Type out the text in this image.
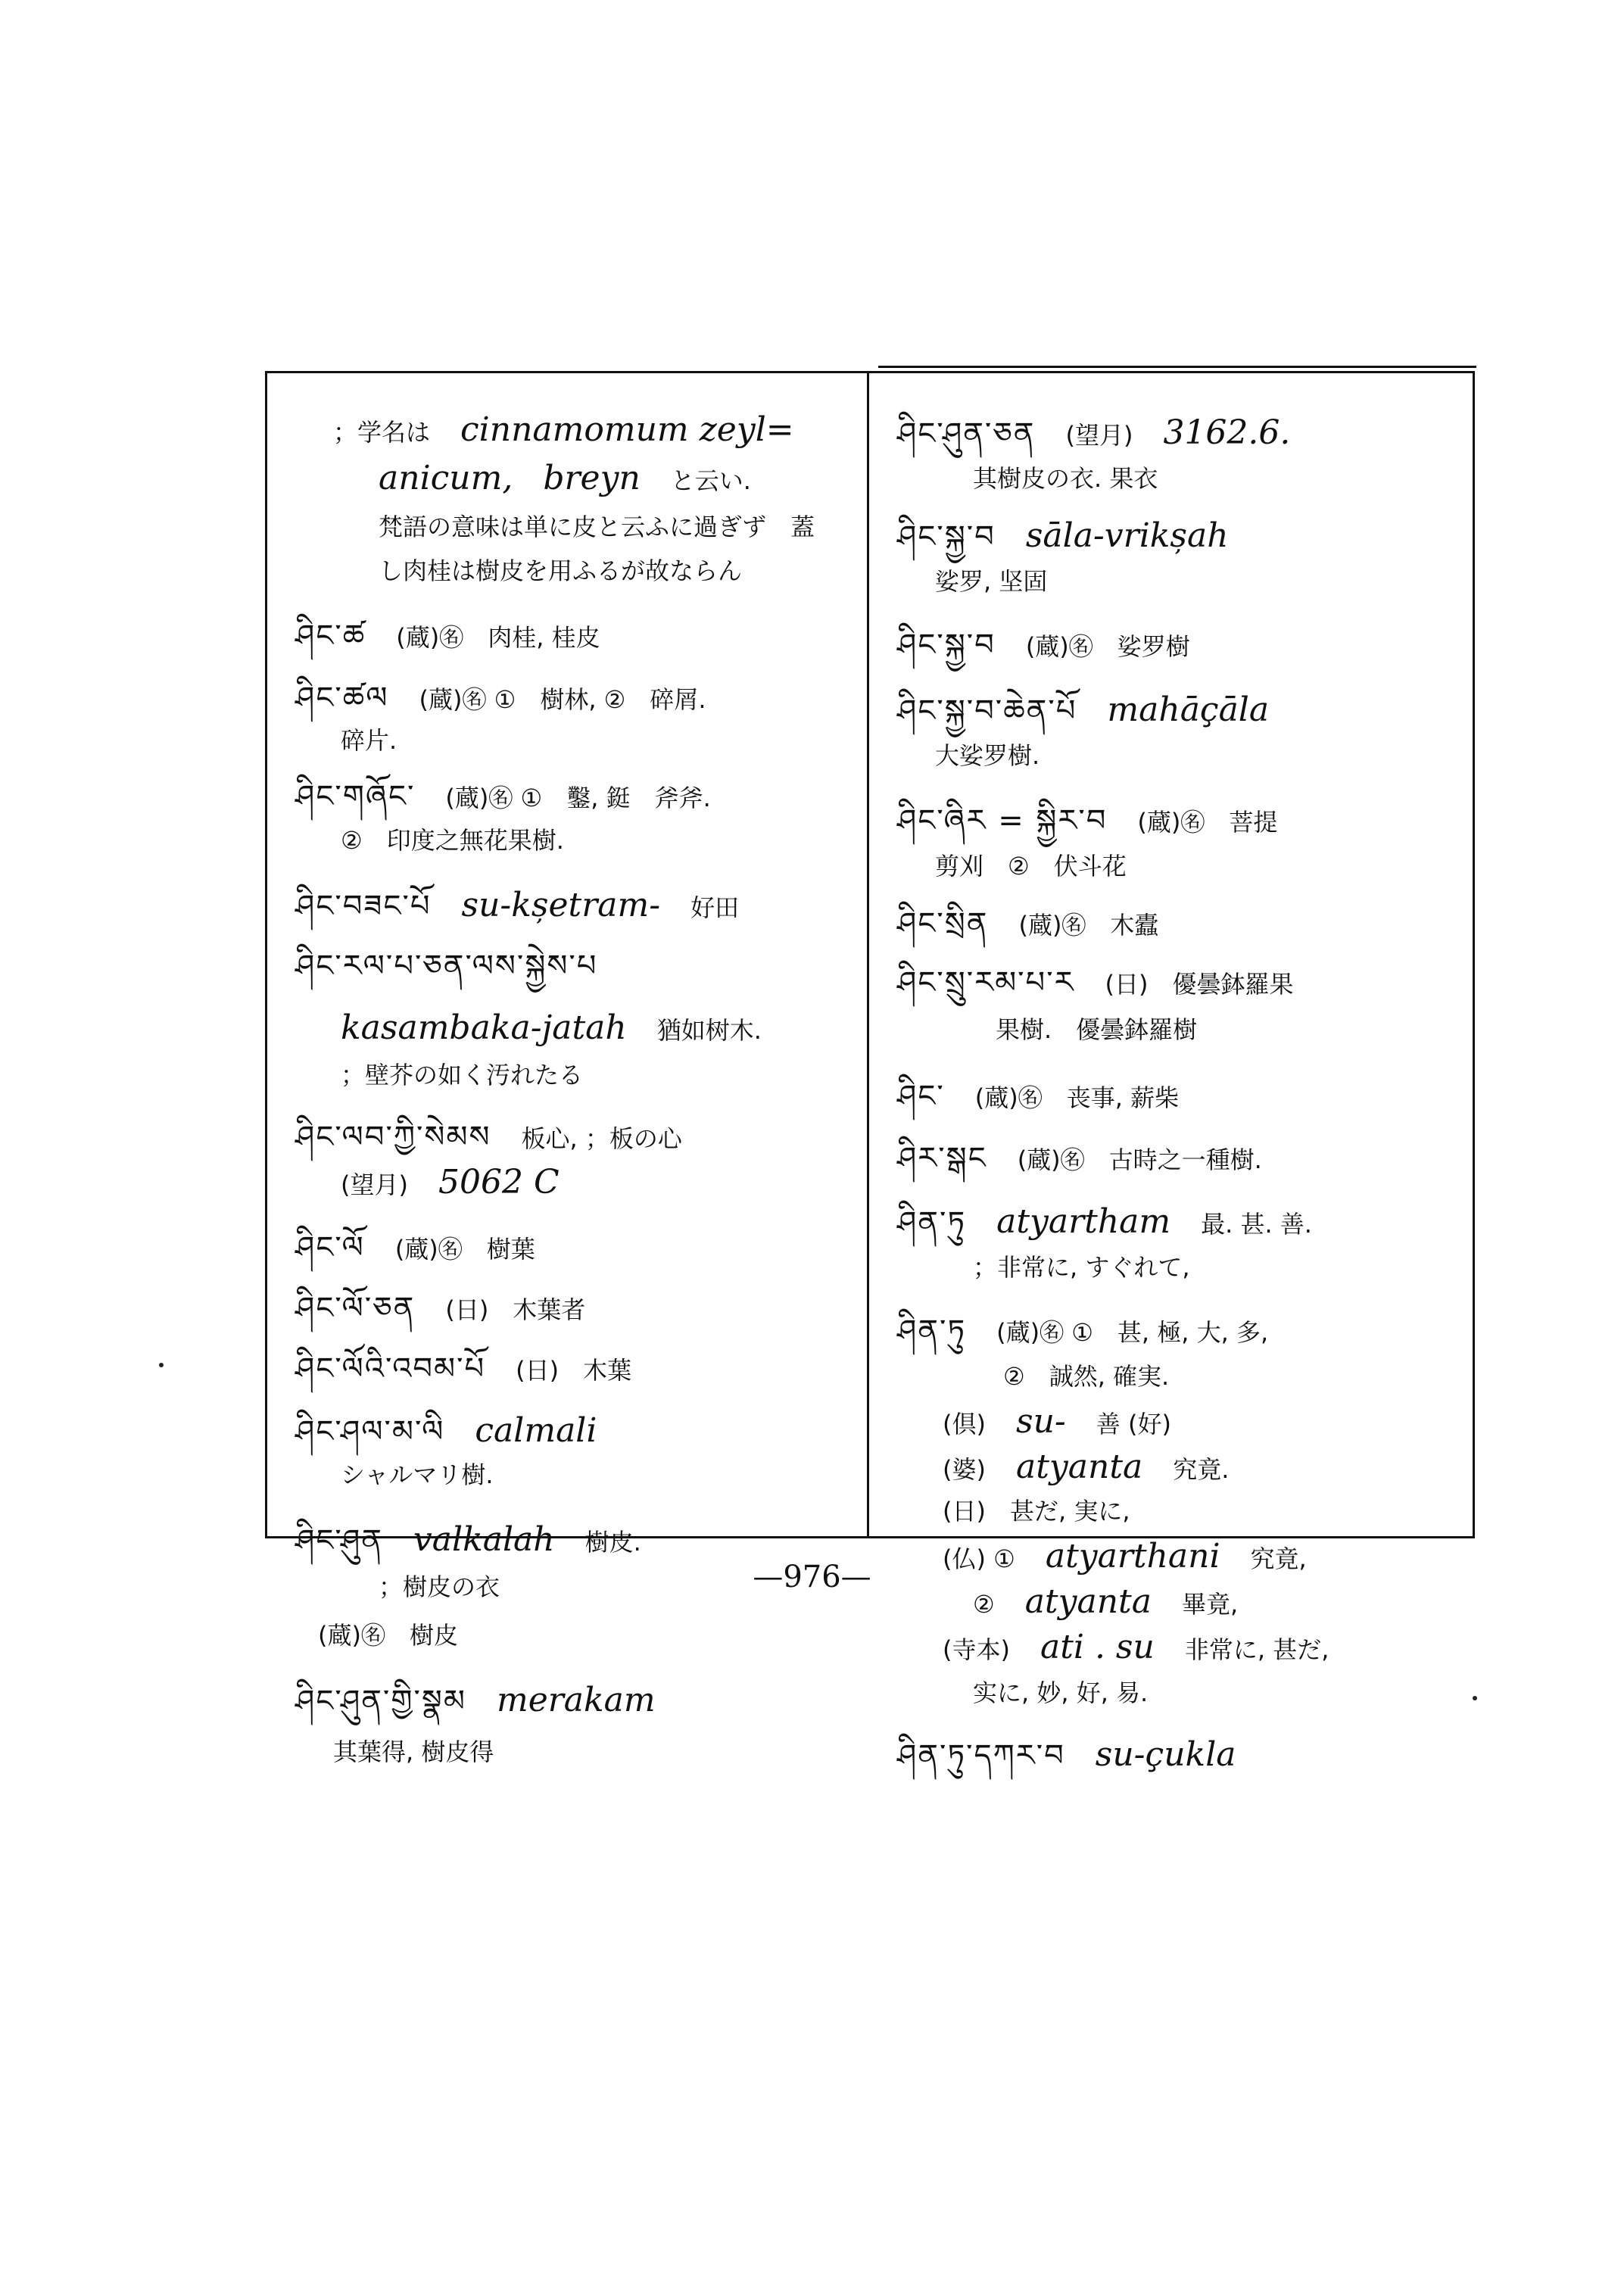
；学名は cinnamomum zeyl=
anicum, breyn と云い.
梵語の意味は単に皮と云ふに過ぎず　蓋
し肉桂は樹皮を用ふるが故ならん
ཤིང་ཚ (蔵)㊔　肉桂, 桂皮
ཤིང་ཚལ (蔵)㊔ ①　樹林, ②　碎屑.
碎片.
ཤིང་གཞོང་ (蔵)㊔ ①　鑿, 鋌　斧斧.
②　印度之無花果樹.
ཤིང་བཟང་པོ su-kșetram- 好田
ཤིང་རལ་པ་ཅན་ལས་སྐྱེས་པ
kasambaka-jatah 猶如树木.
；壁芥の如く汚れたる
ཤིང་ལབ་ཀྱི་སེམས 板心, ；板の心
(望月) 5062 C
ཤིང་ལོ (蔵)㊔　樹葉
ཤིང་ལོ་ཅན (日)　木葉者
ཤིང་ལོའི་འབམ་པོ (日)　木葉
ཤིང་ཤལ་མ་ལི calmali
シャルマリ樹.
ཤིང་ཤུན valkalah 樹皮.
；樹皮の衣
(蔵)㊔　樹皮
ཤིང་ཤུན་གྱི་སྣམ merakam
其葉得, 樹皮得
ཤིང་ཤུན་ཅན (望月) 3162.6.
其樹皮の衣. 果衣
ཤིང་སྐྱ་བ sāla-vrikșah
娑罗, 坚固
ཤིང་སྐྱ་བ (蔵)㊔　娑罗樹
ཤིང་སྐྱ་བ་ཆེན་པོ mahāçāla
大娑罗樹.
ཤིང་ཞིར = སྐྱིར་བ (蔵)㊔　菩提
剪刈　②　伏斗花
ཤིང་སྲིན (蔵)㊔　木蠹
ཤིང་སྲུ་རམ་པ་ར (日)　優曇鉢羅果
果樹.　優曇鉢羅樹
ཤིང་ (蔵)㊔　丧事, 薪柴
ཤིར་སྒང (蔵)㊔　古時之一種樹.
ཤིན་ཏུ atyartham 最. 甚. 善.
；非常に, すぐれて,
ཤིན་ཏུ (蔵)㊔ ①　甚, 極, 大, 多,
②　誠然, 確実.
(倶) su- 善 (好)
(婆) atyanta 究竟.
(日)　甚だ, 実に,
(仏) ① atyarthani 究竟,
② atyanta 畢竟,
(寺本) ati . su 非常に, 甚だ,
实に, 妙, 好, 易.
ཤིན་ཏུ་དཀར་བ su-çukla
—976—
